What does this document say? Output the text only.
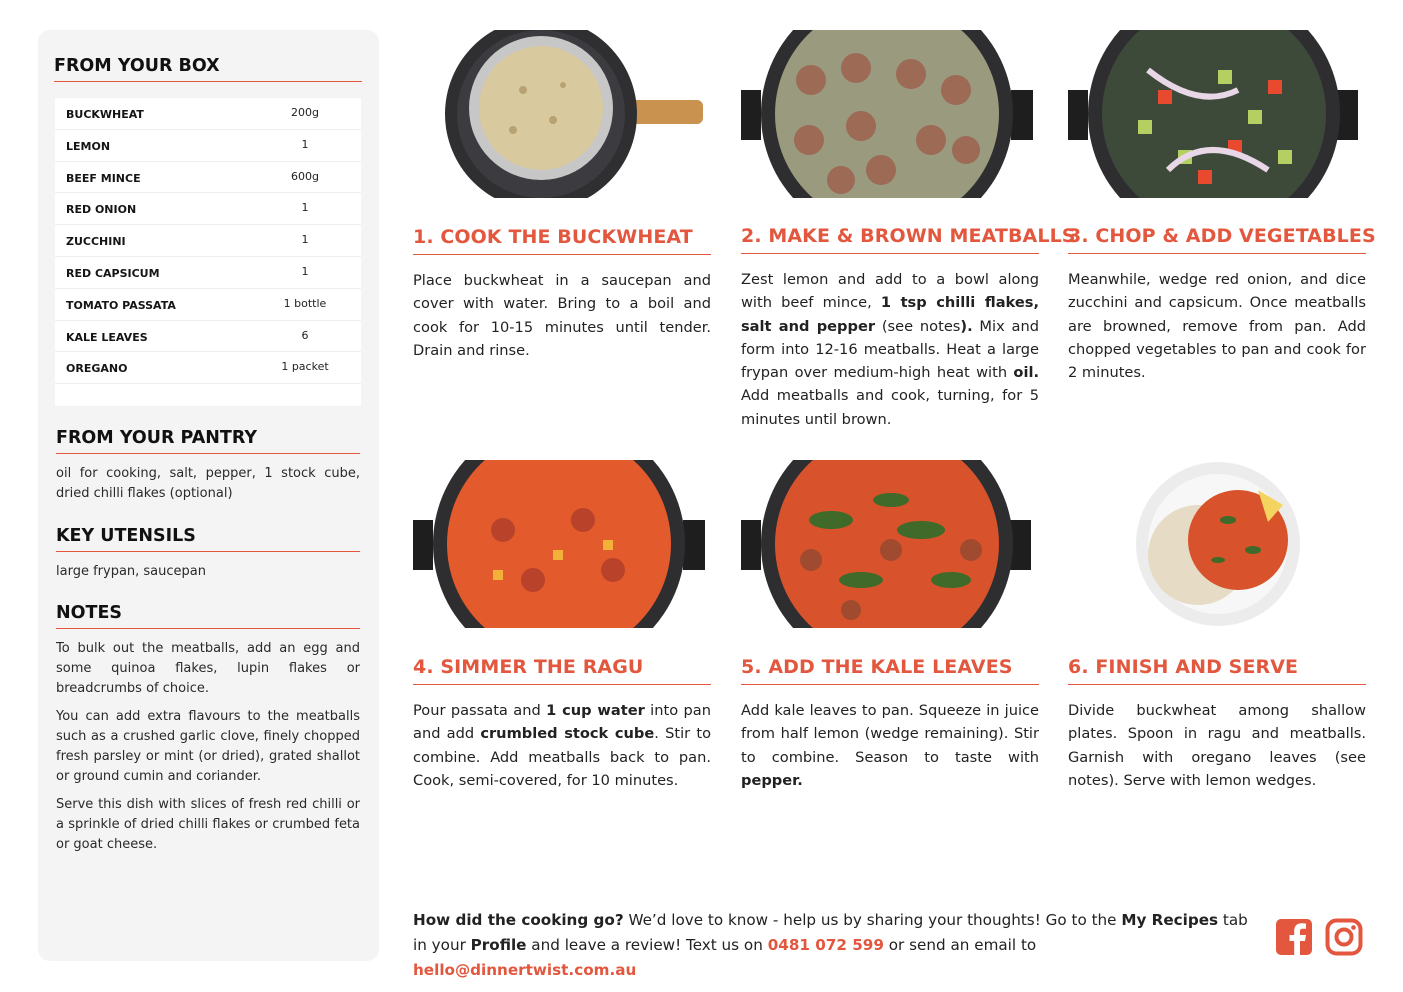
FROM YOUR BOX
BUCKWHEAT	200g
LEMON	1
BEEF MINCE	600g
RED ONION	1
ZUCCHINI	1
RED CAPSICUM	1
TOMATO PASSATA	1 bottle
KALE LEAVES	6
OREGANO	1 packet
FROM YOUR PANTRY

oil for cooking, salt, pepper, 1 stock cube, dried chilli flakes (optional)

KEY UTENSILS

large frypan, saucepan

NOTES

To bulk out the meatballs, add an egg and some quinoa flakes, lupin flakes or breadcrumbs of choice.

You can add extra flavours to the meatballs such as a crushed garlic clove, finely chopped fresh parsley or mint (or dried), grated shallot or ground cumin and coriander.

Serve this dish with slices of fresh red chilli or a sprinkle of dried chilli flakes or crumbed feta or goat cheese.

1. COOK THE BUCKWHEAT

Place buckwheat in a saucepan and cover with water. Bring to a boil and cook for 10-15 minutes until tender. Drain and rinse.

2. MAKE & BROWN MEATBALLS

Zest lemon and add to a bowl along with beef mince, 1 tsp chilli flakes, salt and pepper (see notes). Mix and form into 12-16 meatballs. Heat a large frypan over medium-high heat with oil. Add meatballs and cook, turning, for 5 minutes until brown.

3. CHOP & ADD VEGETABLES

Meanwhile, wedge red onion, and dice zucchini and capsicum. Once meatballs are browned, remove from pan. Add chopped vegetables to pan and cook for 2 minutes.

4. SIMMER THE RAGU

Pour passata and 1 cup water into pan and add crumbled stock cube. Stir to combine. Add meatballs back to pan. Cook, semi-covered, for 10 minutes.

5. ADD THE KALE LEAVES

Add kale leaves to pan. Squeeze in juice from half lemon (wedge remaining). Stir to combine. Season to taste with pepper.

6. FINISH AND SERVE

Divide buckwheat among shallow plates. Spoon in ragu and meatballs. Garnish with oregano leaves (see notes). Serve with lemon wedges.

How did the cooking go? We’d love to know - help us by sharing your thoughts! Go to the My Recipes tab in your Profile and leave a review! Text us on 0481 072 599 or send an email to hello@dinnertwist.com.au
